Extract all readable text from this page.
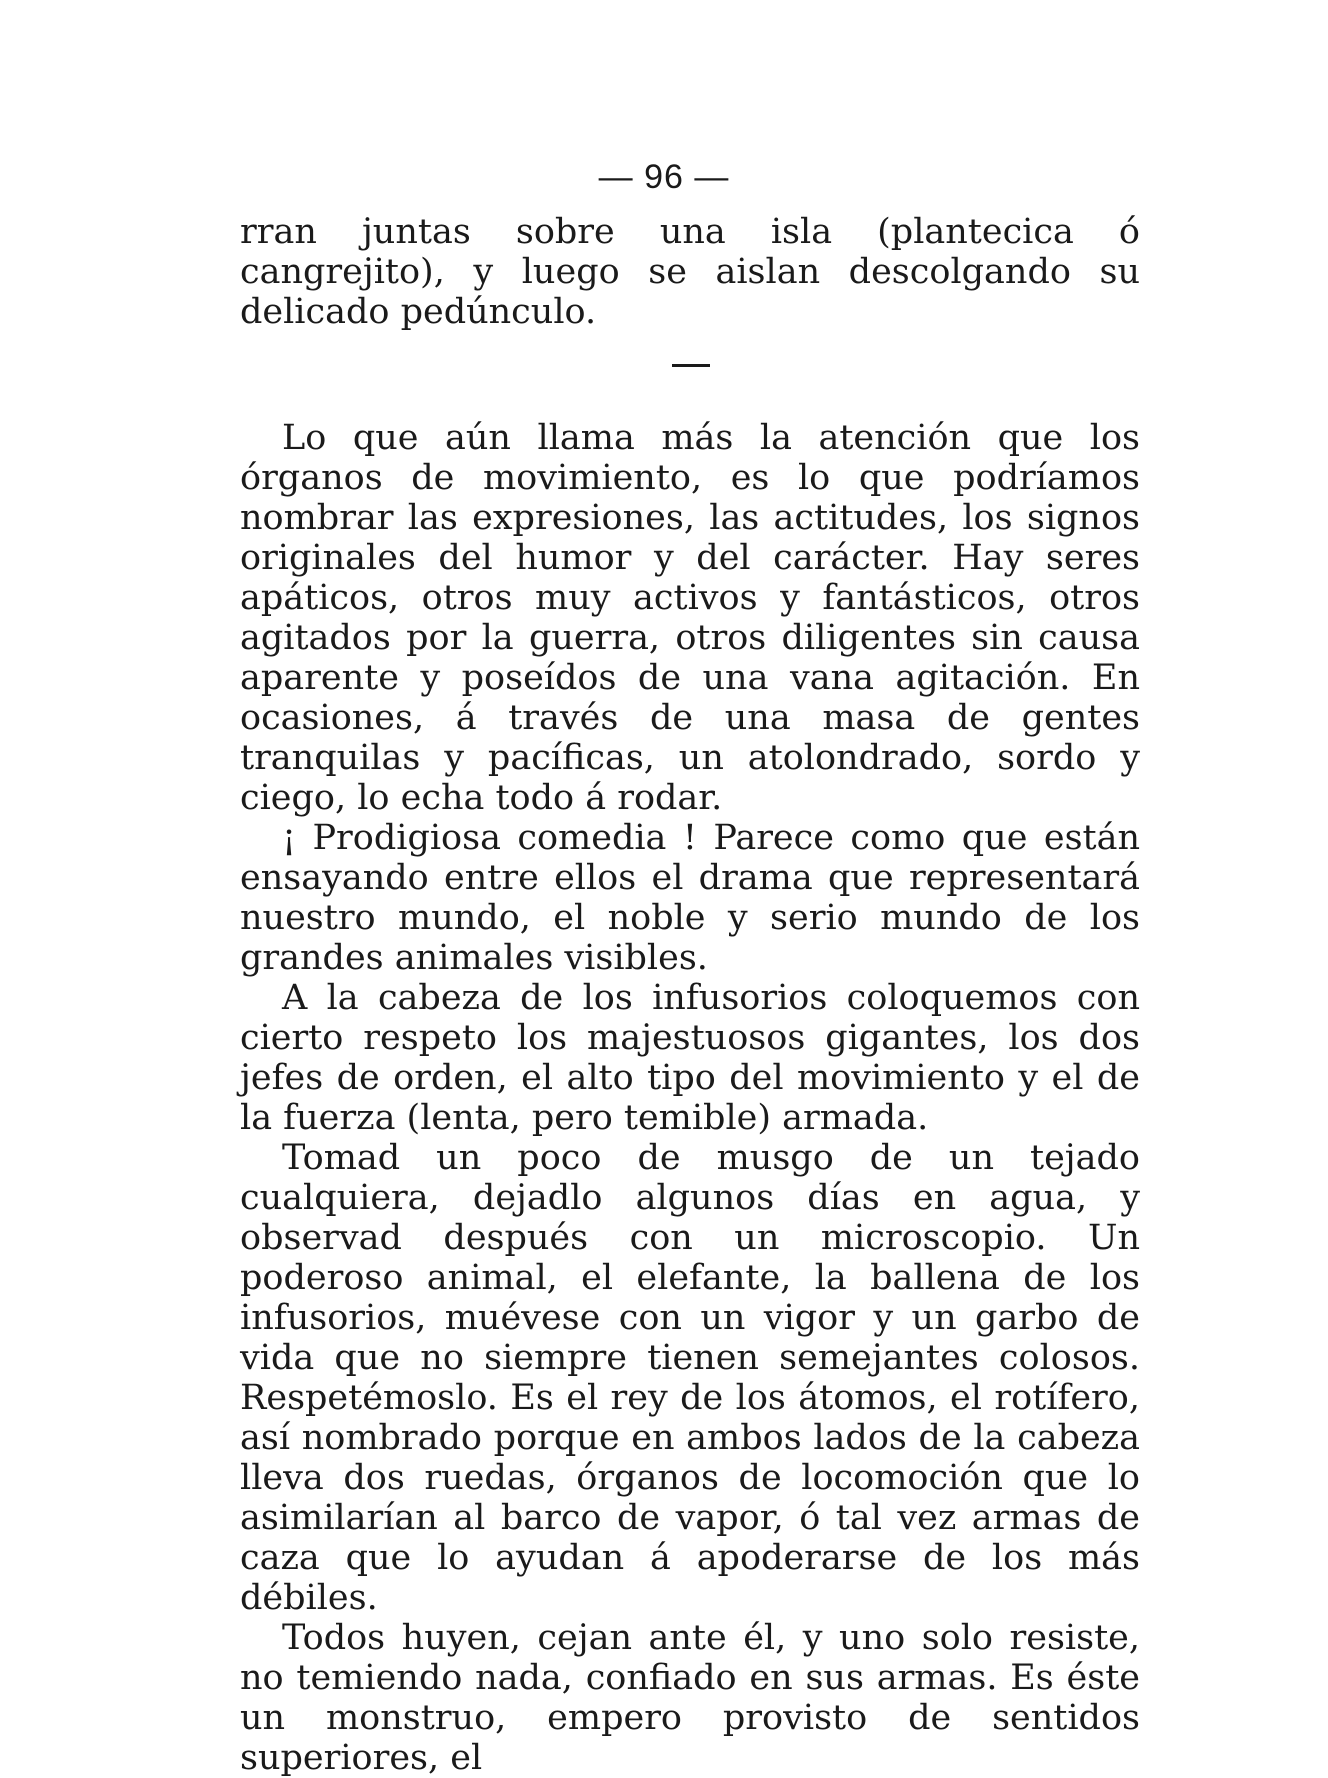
— 96 —

rran juntas sobre una isla (plantecica ó cangrejito), y luego se aislan descolgando su delicado pedúnculo.

Lo que aún llama más la atención que los órganos de movimiento, es lo que podríamos nombrar las expresiones, las actitudes, los signos originales del humor y del carácter. Hay seres apáticos, otros muy activos y fantásticos, otros agitados por la guerra, otros diligentes sin causa aparente y poseídos de una vana agitación. En ocasiones, á través de una masa de gentes tranquilas y pacíficas, un atolondrado, sordo y ciego, lo echa todo á rodar.

¡ Prodigiosa comedia ! Parece como que están ensayando entre ellos el drama que representará nuestro mundo, el noble y serio mundo de los grandes animales visibles.

A la cabeza de los infusorios coloquemos con cierto respeto los majestuosos gigantes, los dos jefes de orden, el alto tipo del movimiento y el de la fuerza (lenta, pero temible) armada.

Tomad un poco de musgo de un tejado cualquiera, dejadlo algunos días en agua, y observad después con un microscopio. Un poderoso animal, el elefante, la ballena de los infusorios, muévese con un vigor y un garbo de vida que no siempre tienen semejantes colosos. Respetémoslo. Es el rey de los átomos, el rotífero, así nombrado porque en ambos lados de la cabeza lleva dos ruedas, órganos de locomoción que lo asimilarían al barco de vapor, ó tal vez armas de caza que lo ayudan á apoderarse de los más débiles.

Todos huyen, cejan ante él, y uno solo resiste, no temiendo nada, confiado en sus armas. Es éste un monstruo, empero provisto de sentidos superiores, el
